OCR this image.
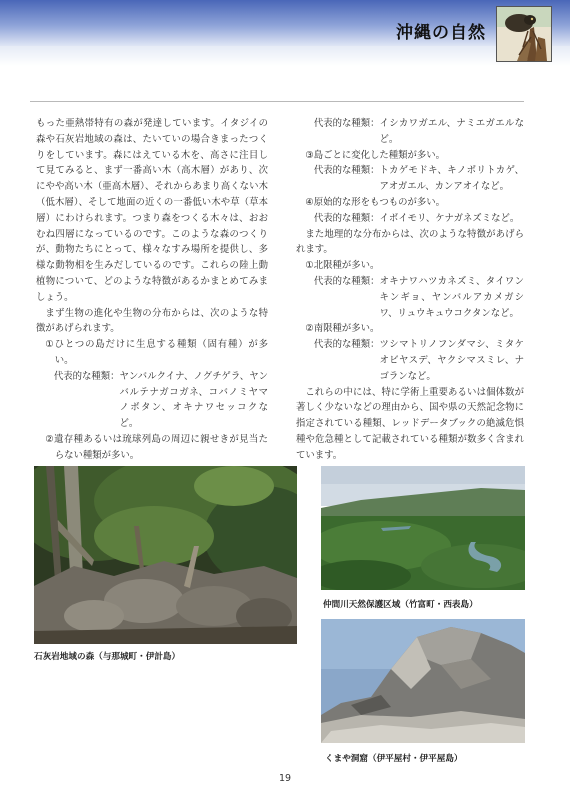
沖縄の自然

もった亜熱帯特有の森が発達しています。イタジイの森や石灰岩地域の森は、たいていの場合きまったつくりをしています。森にはえている木を、高さに注目して見てみると、まず一番高い木（高木層）があり、次にやや高い木（亜高木層）、それからあまり高くない木（低木層）、そして地面の近くの一番低い木や草（草本層）にわけられます。つまり森をつくる木々は、おおむね四層になっているのです。このような森のつくりが、動物たちにとって、様々なすみ場所を提供し、多様な動物相を生みだしているのです。これらの陸上動植物について、どのような特徴があるかまとめてみましょう。

まず生物の進化や生物の分布からは、次のような特徴があげられます。

①ひとつの島だけに生息する種類（固有種）が多い。

代表的な種類： ヤンバルクイナ、ノグチゲラ、ヤンバルテナガコガネ、コバノミヤマノボタン、オキナワセッコクなど。

②遺存種あるいは琉球列島の周辺に親せきが見当たらない種類が多い。

代表的な種類： イシカワガエル、ナミエガエルなど。

③島ごとに変化した種類が多い。

代表的な種類： トカゲモドキ、キノボリトカゲ、アオガエル、カンアオイなど。

④原始的な形をもつものが多い。

代表的な種類： イボイモリ、ケナガネズミなど。

また地理的な分布からは、次のような特徴があげられます。

①北限種が多い。

代表的な種類： オキナワハツカネズミ、タイワンキンギョ、ヤンバルアカメガシワ、リュウキュウコクタンなど。

②南限種が多い。

代表的な種類： ツシマトリノフンダマシ、ミタケオビヤスデ、ヤクシマスミレ、ナゴランなど。

これらの中には、特に学術上重要あるいは個体数が著しく少ないなどの理由から、国や県の天然記念物に指定されている種類、レッドデータブックの絶滅危惧種や危急種として記載されている種類が数多く含まれています。

石灰岩地域の森（与那城町・伊計島）
仲間川天然保護区域（竹富町・西表島）
くまや洞窟（伊平屋村・伊平屋島）
19
